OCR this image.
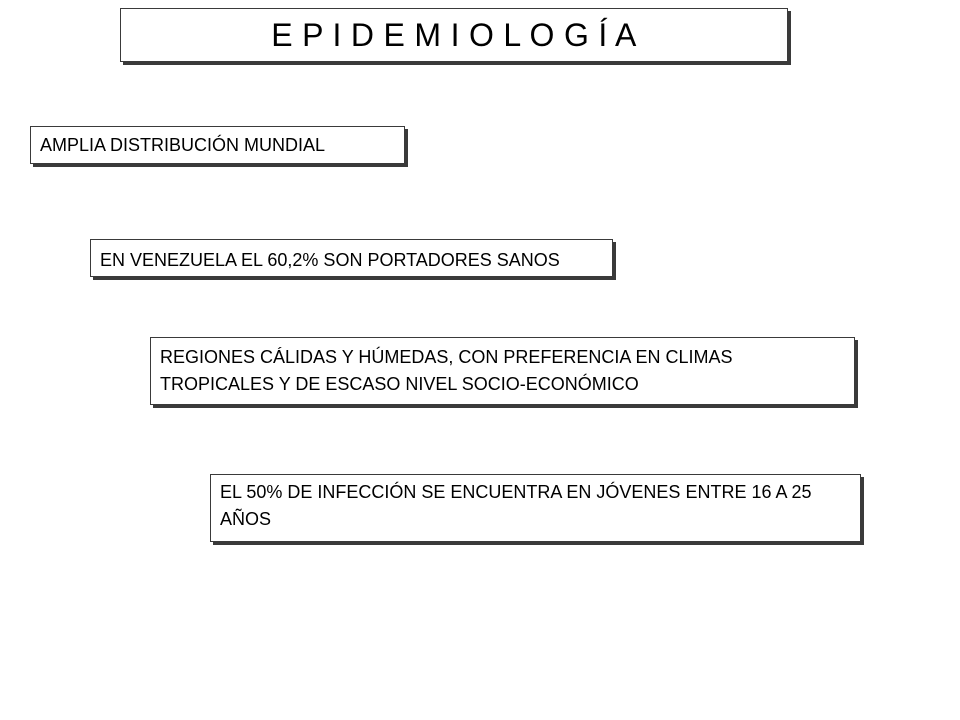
E P I D E M I O L O G Í A
AMPLIA DISTRIBUCIÓN MUNDIAL
EN VENEZUELA EL 60,2% SON PORTADORES SANOS
REGIONES CÁLIDAS Y HÚMEDAS, CON PREFERENCIA EN CLIMAS TROPICALES Y DE ESCASO NIVEL SOCIO-ECONÓMICO
EL 50% DE INFECCIÓN SE ENCUENTRA EN JÓVENES ENTRE 16 A 25 AÑOS
